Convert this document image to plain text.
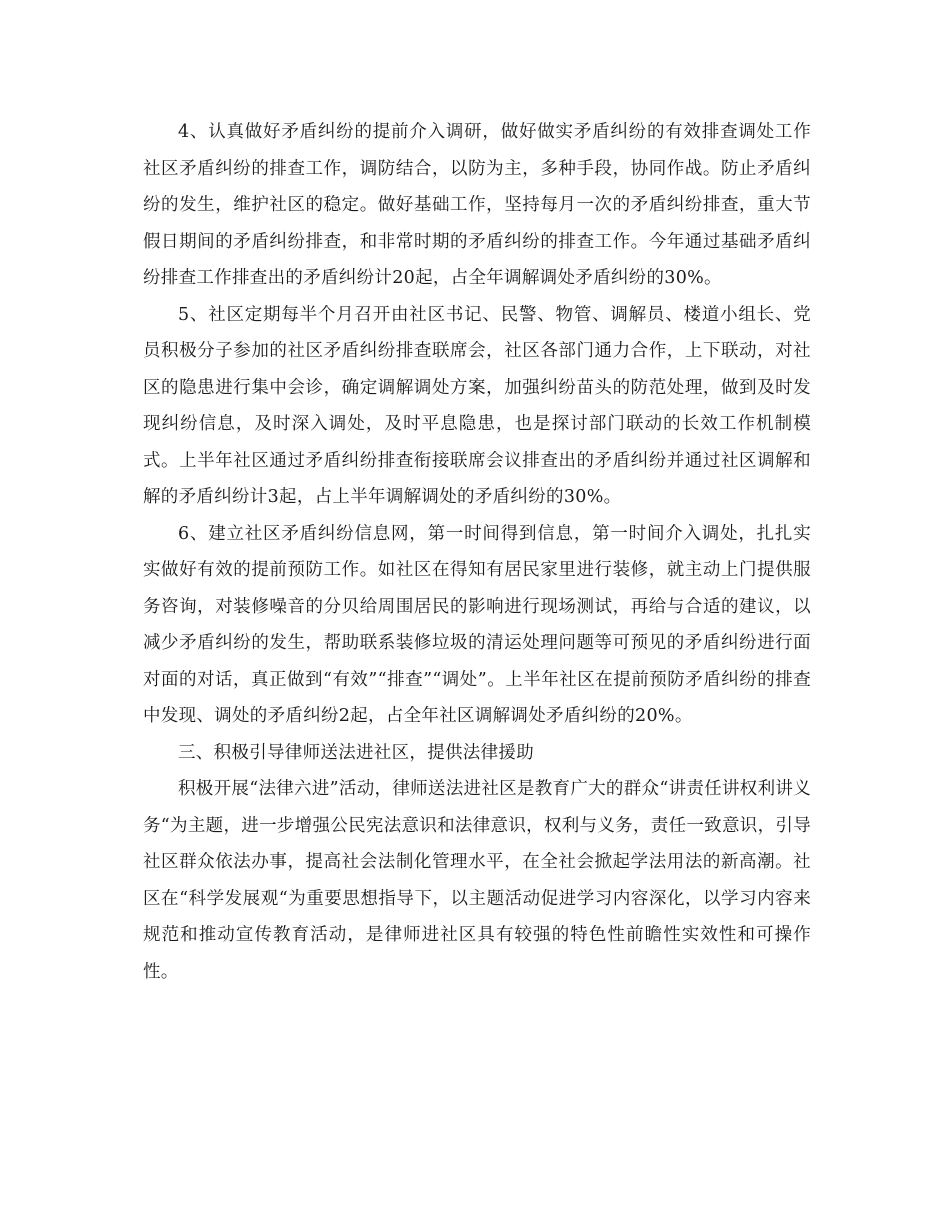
4、认真做好矛盾纠纷的提前介入调研，做好做实矛盾纠纷的有效排查调处工作社区矛盾纠纷的排查工作，调防结合，以防为主，多种手段，协同作战。防止矛盾纠纷的发生，维护社区的稳定。做好基础工作，坚持每月一次的矛盾纠纷排查，重大节假日期间的矛盾纠纷排查，和非常时期的矛盾纠纷的排查工作。今年通过基础矛盾纠纷排查工作排查出的矛盾纠纷计20起，占全年调解调处矛盾纠纷的30%。

5、社区定期每半个月召开由社区书记、民警、物管、调解员、楼道小组长、党员积极分子参加的社区矛盾纠纷排查联席会，社区各部门通力合作，上下联动，对社区的隐患进行集中会诊，确定调解调处方案，加强纠纷苗头的防范处理，做到及时发现纠纷信息，及时深入调处，及时平息隐患，也是探讨部门联动的长效工作机制模式。上半年社区通过矛盾纠纷排查衔接联席会议排查出的矛盾纠纷并通过社区调解和解的矛盾纠纷计3起，占上半年调解调处的矛盾纠纷的30%。

6、建立社区矛盾纠纷信息网，第一时间得到信息，第一时间介入调处，扎扎实实做好有效的提前预防工作。如社区在得知有居民家里进行装修，就主动上门提供服务咨询，对装修噪音的分贝给周围居民的影响进行现场测试，再给与合适的建议，以减少矛盾纠纷的发生，帮助联系装修垃圾的清运处理问题等可预见的矛盾纠纷进行面对面的对话，真正做到“有效”“排查”“调处”。上半年社区在提前预防矛盾纠纷的排查中发现、调处的矛盾纠纷2起，占全年社区调解调处矛盾纠纷的20%。

三、积极引导律师送法进社区，提供法律援助

积极开展“法律六进”活动，律师送法进社区是教育广大的群众“讲责任讲权利讲义务“为主题，进一步增强公民宪法意识和法律意识，权利与义务，责任一致意识，引导社区群众依法办事，提高社会法制化管理水平，在全社会掀起学法用法的新高潮。社区在“科学发展观“为重要思想指导下，以主题活动促进学习内容深化，以学习内容来规范和推动宣传教育活动，是律师进社区具有较强的特色性前瞻性实效性和可操作性。
